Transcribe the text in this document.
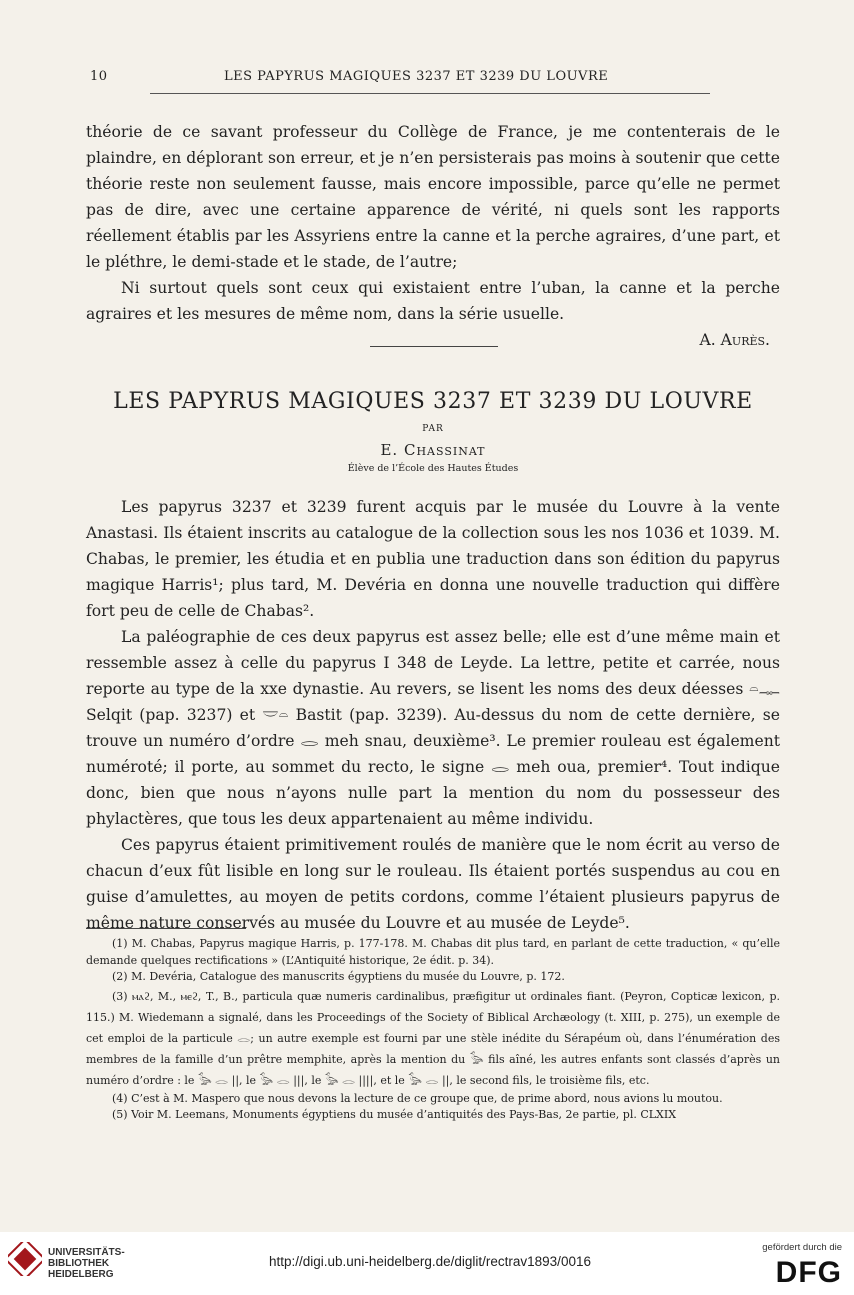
10	LES PAPYRUS MAGIQUES 3237 ET 3239 DU LOUVRE

théorie de ce savant professeur du Collège de France, je me contenterais de le plaindre, en déplorant son erreur, et je n’en persisterais pas moins à soutenir que cette théorie reste non seulement fausse, mais encore impossible, parce qu’elle ne permet pas de dire, avec une certaine apparence de vérité, ni quels sont les rapports réellement établis par les Assyriens entre la canne et la perche agraires, d’une part, et le pléthre, le demi-stade et le stade, de l’autre;

Ni surtout quels sont ceux qui existaient entre l’uban, la canne et la perche agraires et les mesures de même nom, dans la série usuelle.

A. Aurès.

LES PAPYRUS MAGIQUES 3237 ET 3239 DU LOUVRE
PAR
E. Chassinat
Élève de l’École des Hautes Études

Les papyrus 3237 et 3239 furent acquis par le musée du Louvre à la vente Anastasi. Ils étaient inscrits au catalogue de la collection sous les nos 1036 et 1039. M. Chabas, le premier, les étudia et en publia une traduction dans son édition du papyrus magique Harris¹; plus tard, M. Devéria en donna une nouvelle traduction qui diffère fort peu de celle de Chabas².

La paléographie de ces deux papyrus est assez belle; elle est d’une même main et ressemble assez à celle du papyrus I 348 de Leyde. La lettre, petite et carrée, nous reporte au type de la xxe dynastie. Au revers, se lisent les noms des deux déesses 𓏏𓊃 Selqit (pap. 3237) et 𓎟𓏏 Bastit (pap. 3239). Au-dessus du nom de cette dernière, se trouve un numéro d’ordre 𓂋 meh snau, deuxième³. Le premier rouleau est également numéroté; il porte, au sommet du recto, le signe 𓂋 meh oua, premier⁴. Tout indique donc, bien que nous n’ayons nulle part la mention du nom du possesseur des phylactères, que tous les deux appartenaient au même individu.

Ces papyrus étaient primitivement roulés de manière que le nom écrit au verso de chacun d’eux fût lisible en long sur le rouleau. Ils étaient portés suspendus au cou en guise d’amulettes, au moyen de petits cordons, comme l’étaient plusieurs papyrus de même nature conservés au musée du Louvre et au musée de Leyde⁵.

(1) M. Chabas, Papyrus magique Harris, p. 177-178. M. Chabas dit plus tard, en parlant de cette traduction, « qu’elle demande quelques rectifications » (L’Antiquité historique, 2e édit. p. 34).

(2) M. Devéria, Catalogue des manuscrits égyptiens du musée du Louvre, p. 172.

(3) ⲙⲁϩ, M., ⲙⲉϩ, T., B., particula quæ numeris cardinalibus, præfigitur ut ordinales fiant. (Peyron, Copticæ lexicon, p. 115.) M. Wiedemann a signalé, dans les Proceedings of the Society of Biblical Archæology (t. XIII, p. 275), un exemple de cet emploi de la particule 𓂋; un autre exemple est fourni par une stèle inédite du Sérapéum où, dans l’énumération des membres de la famille d’un prêtre memphite, après la mention du 𓅭 fils aîné, les autres enfants sont classés d’après un numéro d’ordre : le 𓅭 𓂋 ||, le 𓅭 𓂋 |||, le 𓅭 𓂋 ||||, et le 𓅭 𓂋 ||, le second fils, le troisième fils, etc.

(4) C’est à M. Maspero que nous devons la lecture de ce groupe que, de prime abord, nous avions lu moutou.

(5) Voir M. Leemans, Monuments égyptiens du musée d’antiquités des Pays-Bas, 2e partie, pl. CLXIX

UNIVERSITÄTS-
BIBLIOTHEK
HEIDELBERG
http://digi.ub.uni-heidelberg.de/diglit/rectrav1893/0016
gefördert durch die
DFG
